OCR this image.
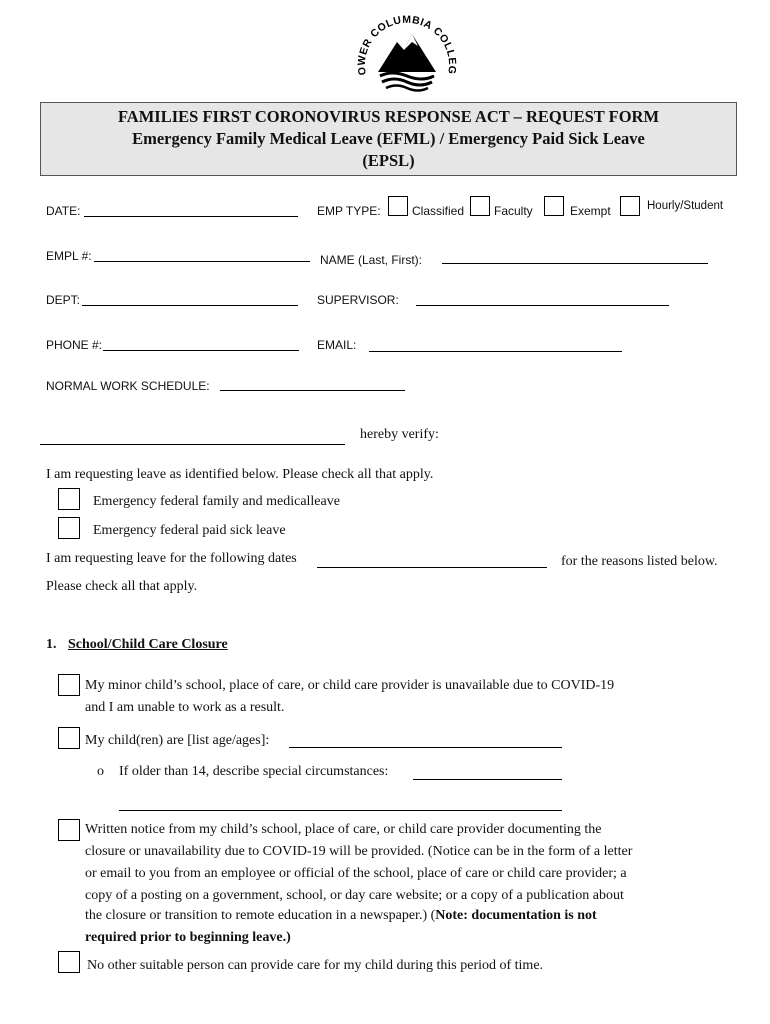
OWER COLUMBIA COLLEG
FAMILIES FIRST CORONOVIRUS RESPONSE ACT – REQUEST FORM
Emergency Family Medical Leave (EFML) / Emergency Paid Sick Leave
(EPSL)
DATE:	EMP TYPE:	Classified Faculty	Exempt	Hourly/Student
EMPL #:	NAME (Last, First):
DEPT:	SUPERVISOR:
PHONE #:	EMAIL:
NORMAL WORK SCHEDULE:
hereby verify:
I am requesting leave as identified below. Please check all that apply.
Emergency federal family and medicalleave
Emergency federal paid sick leave
I am requesting leave for the following dates	for the reasons listed below.
Please check all that apply.
1. School/Child Care Closure
My minor child’s school, place of care, or child care provider is unavailable due to COVID-19
and I am unable to work as a result.
My child(ren) are [list age/ages]:
o If older than 14, describe special circumstances:
Written notice from my child’s school, place of care, or child care provider documenting the
closure or unavailability due to COVID-19 will be provided. (Notice can be in the form of a letter
or email to you from an employee or official of the school, place of care or child care provider; a
copy of a posting on a government, school, or day care website; or a copy of a publication about
the closure or transition to remote education in a newspaper.) (Note: documentation is not
required prior to beginning leave.)
No other suitable person can provide care for my child during this period of time.
